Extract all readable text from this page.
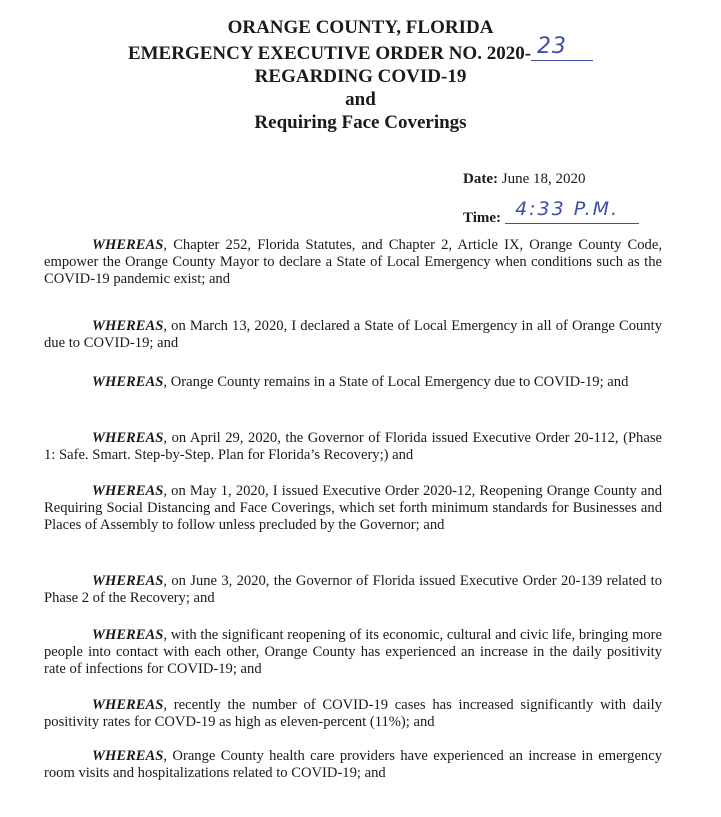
ORANGE COUNTY, FLORIDA
EMERGENCY EXECUTIVE ORDER NO. 2020- 23
REGARDING COVID-19
and
Requiring Face Coverings
Date: June 18, 2020
Time: 4:33 P.M.

WHEREAS, Chapter 252, Florida Statutes, and Chapter 2, Article IX, Orange County Code, empower the Orange County Mayor to declare a State of Local Emergency when conditions such as the COVID-19 pandemic exist; and

WHEREAS, on March 13, 2020, I declared a State of Local Emergency in all of Orange County due to COVID-19; and

WHEREAS, Orange County remains in a State of Local Emergency due to COVID-19; and

WHEREAS, on April 29, 2020, the Governor of Florida issued Executive Order 20-112, (Phase 1: Safe. Smart. Step-by-Step. Plan for Florida’s Recovery;) and

WHEREAS, on May 1, 2020, I issued Executive Order 2020-12, Reopening Orange County and Requiring Social Distancing and Face Coverings, which set forth minimum standards for Businesses and Places of Assembly to follow unless precluded by the Governor; and

WHEREAS, on June 3, 2020, the Governor of Florida issued Executive Order 20-139 related to Phase 2 of the Recovery; and

WHEREAS, with the significant reopening of its economic, cultural and civic life, bringing more people into contact with each other, Orange County has experienced an increase in the daily positivity rate of infections for COVID-19; and

WHEREAS, recently the number of COVID-19 cases has increased significantly with daily positivity rates for COVD-19 as high as eleven-percent (11%); and

WHEREAS, Orange County health care providers have experienced an increase in emergency room visits and hospitalizations related to COVID-19; and
